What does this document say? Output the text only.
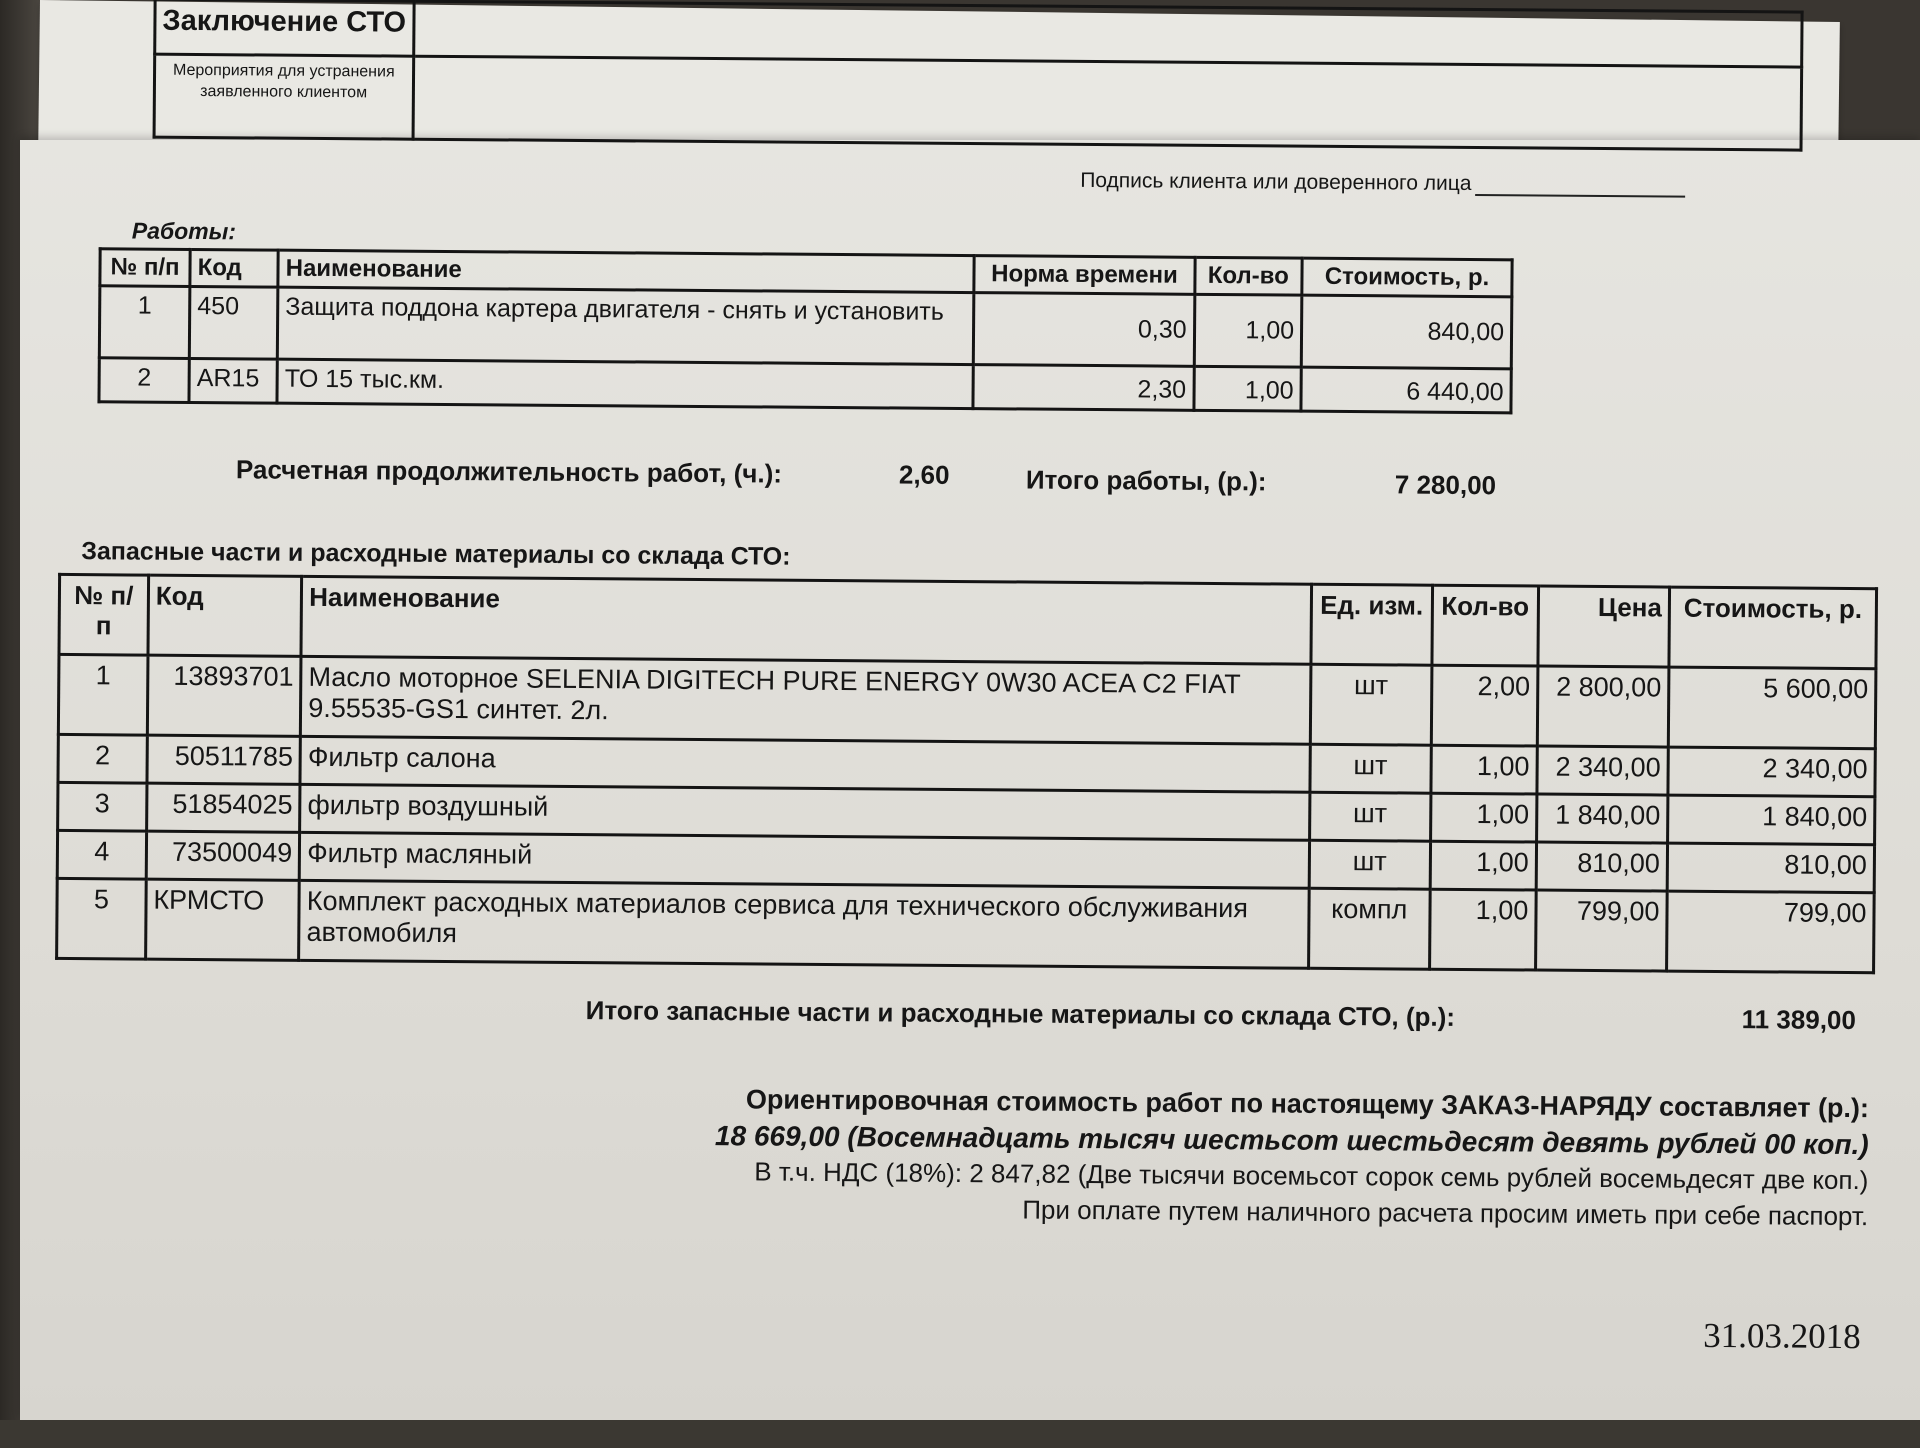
Заключение СТО	
Мероприятия для устранения заявленного клиентом	
Подпись клиента или доверенного лица
Работы:
№ п/п	Код	Наименование	Норма времени	Кол-во	Стоимость, р.
1	450	Защита поддона картера двигателя - снять и установить	0,30	1,00	840,00
2	AR15	ТО 15 тыс.км.	2,30	1,00	6 440,00
Расчетная продолжительность работ, (ч.):	2,60	Итого работы, (р.):	7 280,00
Запасные части и расходные материалы со склада СТО:
№ п/п	Код	Наименование	Ед. изм.	Кол-во	Цена	Стоимость, р.
1	13893701	Масло моторное SELENIA DIGITECH PURE ENERGY 0W30 ACEA C2 FIAT 9.55535-GS1 синтет. 2л.	шт	2,00	2 800,00	5 600,00
2	50511785	Фильтр салона	шт	1,00	2 340,00	2 340,00
3	51854025	фильтр воздушный	шт	1,00	1 840,00	1 840,00
4	73500049	Фильтр масляный	шт	1,00	810,00	810,00
5	КРМСТО	Комплект расходных материалов сервиса для технического обслуживания автомобиля	компл	1,00	799,00	799,00
Итого запасные части и расходные материалы со склада СТО, (р.):	11 389,00
Ориентировочная стоимость работ по настоящему ЗАКАЗ-НАРЯДУ составляет (р.):
18 669,00 (Восемнадцать тысяч шестьсот шестьдесят девять рублей 00 коп.)
В т.ч. НДС (18%): 2 847,82 (Две тысячи восемьсот сорок семь рублей восемьдесят две коп.)
При оплате путем наличного расчета просим иметь при себе паспорт.
31.03.2018
